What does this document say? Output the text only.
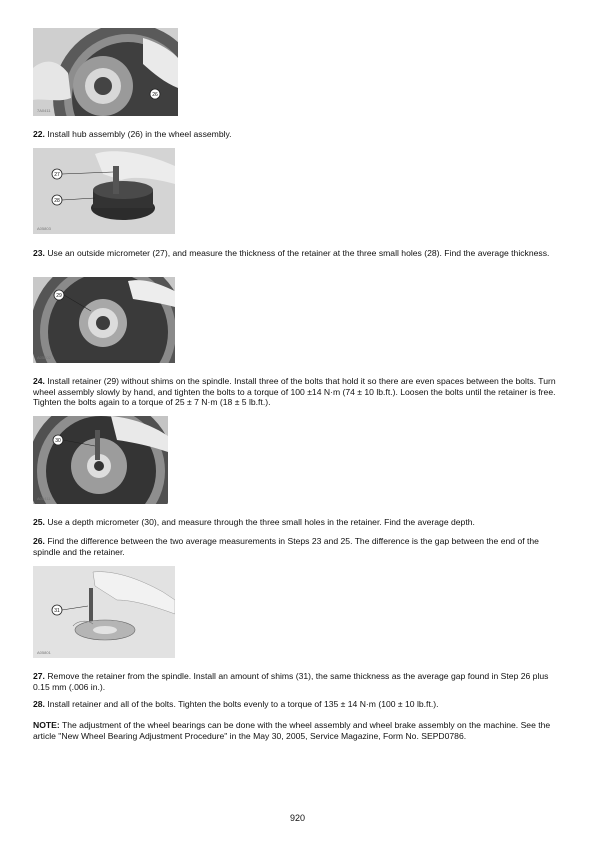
26
7A0411

22. Install hub assembly (26) in the wheel assembly.

27
28
A05803

23. Use an outside micrometer (27), and measure the thickness of the retainer at the three small holes (28). Find the average thickness.

29
A05802

24. Install retainer (29) without shims on the spindle. Install three of the bolts that hold it so there are even spaces between the bolts. Turn wheel assembly slowly by hand, and tighten the bolts to a torque of 100 ±14 N·m (74 ± 10 lb.ft.). Loosen the bolts until the retainer is free. Tighten the bolts again to a torque of 25 ± 7 N·m (18 ± 5 lb.ft.).

30
A05411

25. Use a depth micrometer (30), and measure through the three small holes in the retainer. Find the average depth.

26. Find the difference between the two average measurements in Steps 23 and 25. The difference is the gap between the end of the spindle and the retainer.

31
A05801

27. Remove the retainer from the spindle. Install an amount of shims (31), the same thickness as the average gap found in Step 26 plus 0.15 mm (.006 in.).

28. Install retainer and all of the bolts. Tighten the bolts evenly to a torque of 135 ± 14 N·m (100 ± 10 lb.ft.).

NOTE: The adjustment of the wheel bearings can be done with the wheel assembly and wheel brake assembly on the machine. See the article "New Wheel Bearing Adjustment Procedure" in the May 30, 2005, Service Magazine, Form No. SEPD0786.

920
